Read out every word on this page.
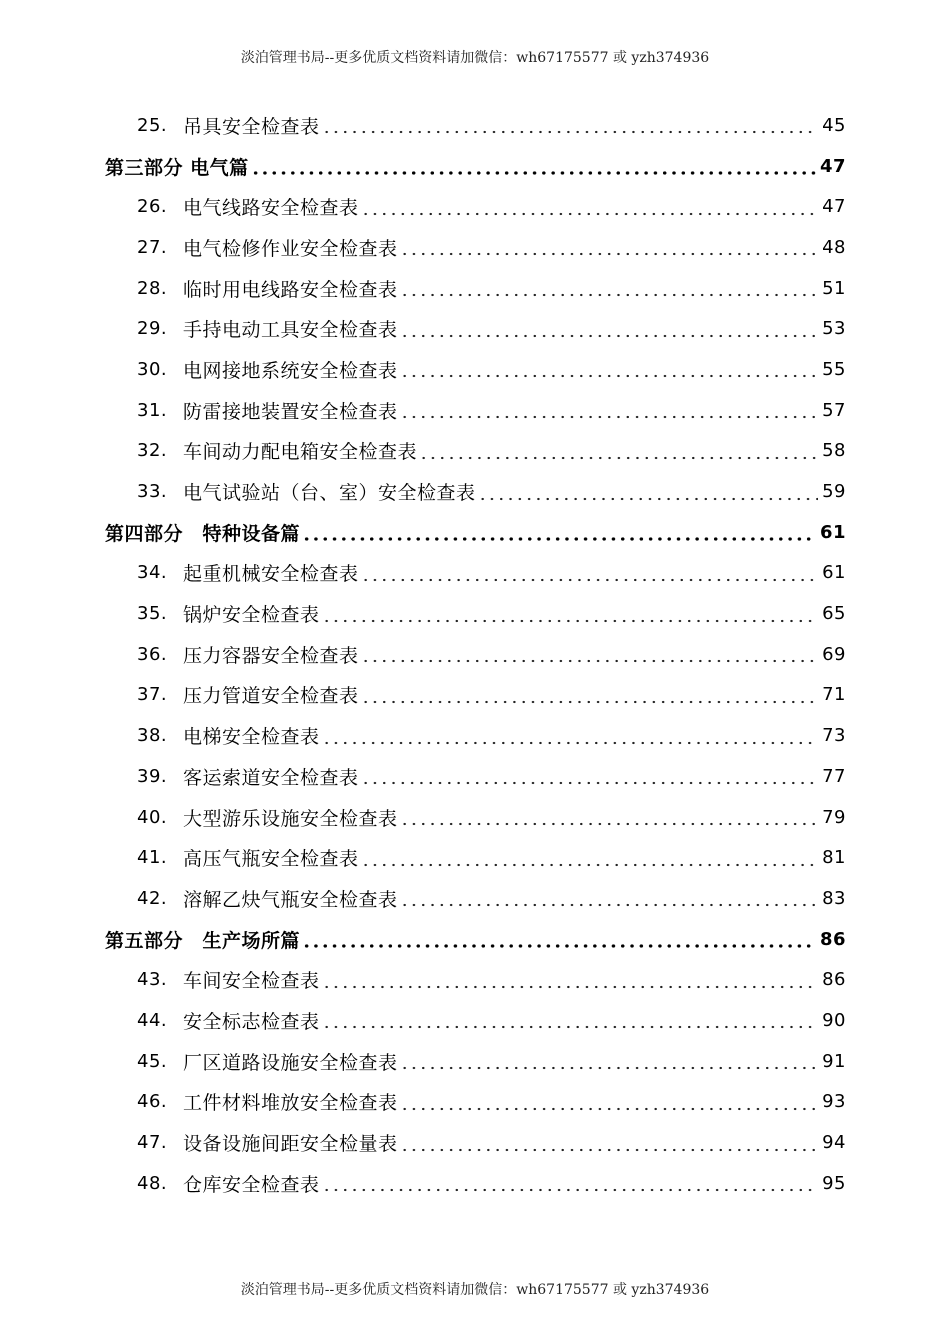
淡泊管理书局--更多优质文档资料请加微信：wh67175577 或 yzh374936
25. 吊具安全检查表	45
第三部分 电气篇	47
26. 电气线路安全检查表	47
27. 电气检修作业安全检查表	48
28. 临时用电线路安全检查表	51
29. 手持电动工具安全检查表	53
30. 电网接地系统安全检查表	55
31. 防雷接地装置安全检查表	57
32. 车间动力配电箱安全检查表	58
33. 电气试验站（台、室）安全检查表	59
第四部分　特种设备篇	61
34. 起重机械安全检查表	61
35. 锅炉安全检查表	65
36. 压力容器安全检查表	69
37. 压力管道安全检查表	71
38. 电梯安全检查表	73
39. 客运索道安全检查表	77
40. 大型游乐设施安全检查表	79
41. 高压气瓶安全检查表	81
42. 溶解乙炔气瓶安全检查表	83
第五部分　生产场所篇	86
43. 车间安全检查表	86
44. 安全标志检查表	90
45. 厂区道路设施安全检查表	91
46. 工件材料堆放安全检查表	93
47. 设备设施间距安全检量表	94
48. 仓库安全检查表	95
淡泊管理书局--更多优质文档资料请加微信：wh67175577 或 yzh374936
